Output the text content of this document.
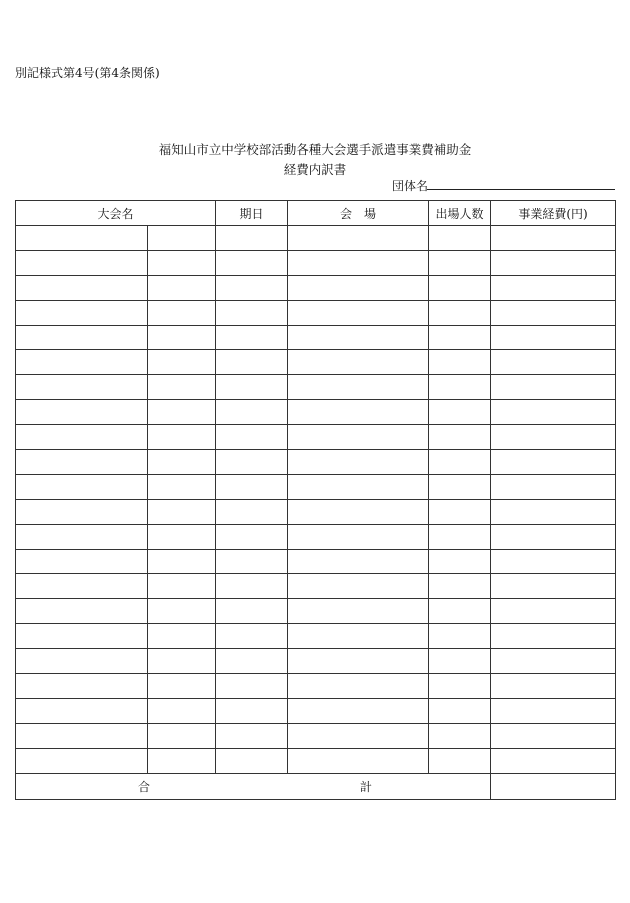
別記様式第4号(第4条関係)
福知山市立中学校部活動各種大会選手派遣事業費補助金
経費内訳書
団体名
大会名		期日	会　場	出場人数	事業経費(円)

合 計					
